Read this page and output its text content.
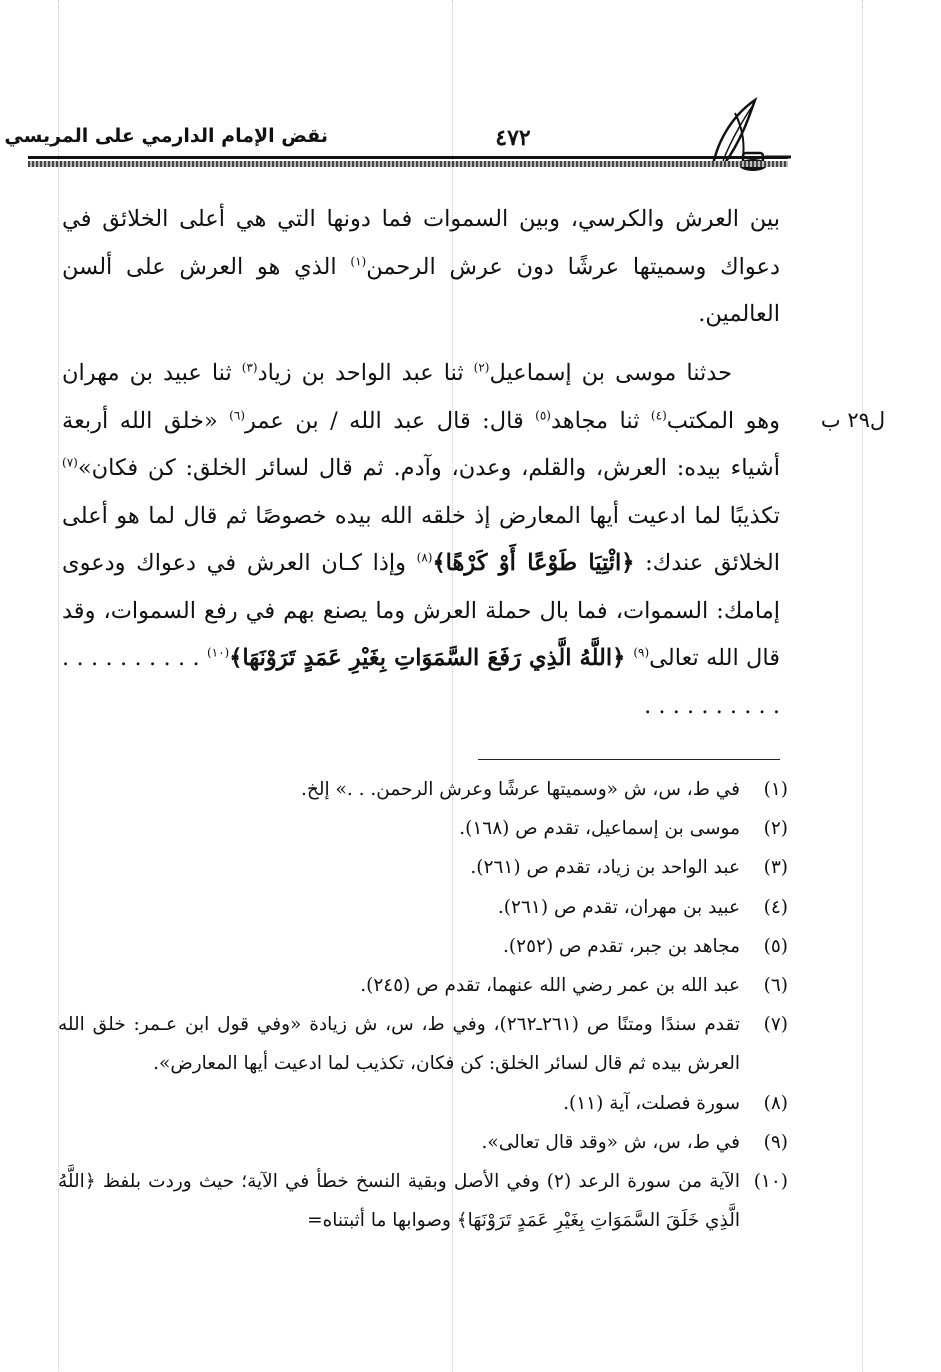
نقض الإمام الدارمي على المريسي	٤٧٢

بين العرش والكرسي، وبين السموات فما دونها التي هي أعلى الخلائق في دعواك وسميتها عرشًا دون عرش الرحمن$^{(١)}$ الذي هو العرش على ألسن العالمين.

حدثنا موسى بن إسماعيل$^{(٢)}$ ثنا عبد الواحد بن زياد$^{(٣)}$ ثنا عبيد بن مهران وهو المكتب$^{(٤)}$ ثنا مجاهد$^{(٥)}$ قال: قال عبد الله / بن عمر$^{(٦)}$ «خلق الله أربعة أشياء بيده: العرش، والقلم، وعدن، وآدم. ثم قال لسائر الخلق: كن فكان»$^{(٧)}$ تكذيبًا لما ادعيت أيها المعارض إذ خلقه الله بيده خصوصًا ثم قال لما هو أعلى الخلائق عندك: ﴿ائْتِيَا طَوْعًا أَوْ كَرْهًا﴾$^{(٨)}$ وإذا كـان العرش في دعواك ودعوى إمامك: السموات، فما بال حملة العرش وما يصنع بهم في رفع السموات، وقد قال الله تعالى$^{(٩)}$ ﴿اللَّهُ الَّذِي رَفَعَ السَّمَوَاتِ بِغَيْرِ عَمَدٍ تَرَوْنَهَا﴾$^{(١٠)}$ . . . . . . . . . . . . . . . . . . . .

ل٢٩ ب
(١)
في ط، س، ش «وسميتها عرشًا وعرش الرحمن. . .» إلخ.
(٢)
موسى بن إسماعيل، تقدم ص (١٦٨).
(٣)
عبد الواحد بن زياد، تقدم ص (٢٦١).
(٤)
عبيد بن مهران، تقدم ص (٢٦١).
(٥)
مجاهد بن جبر، تقدم ص (٢٥٢).
(٦)
عبد الله بن عمر رضي الله عنهما، تقدم ص (٢٤٥).
(٧)
تقدم سندًا ومتنًا ص (٢٦١ـ٢٦٢)، وفي ط، س، ش زيادة «وفي قول ابن عـمر: خلق الله العرش بيده ثم قال لسائر الخلق: كن فكان، تكذيب لما ادعيت أيها المعارض».
(٨)
سورة فصلت، آية (١١).
(٩)
في ط، س، ش «وقد قال تعالى».
(١٠)
الآية من سورة الرعد (٢) وفي الأصل وبقية النسخ خطأ في الآية؛ حيث وردت بلفظ ﴿اللَّهُ الَّذِي خَلَقَ السَّمَوَاتِ بِغَيْرِ عَمَدٍ تَرَوْنَهَا﴾ وصوابها ما أثبتناه=
